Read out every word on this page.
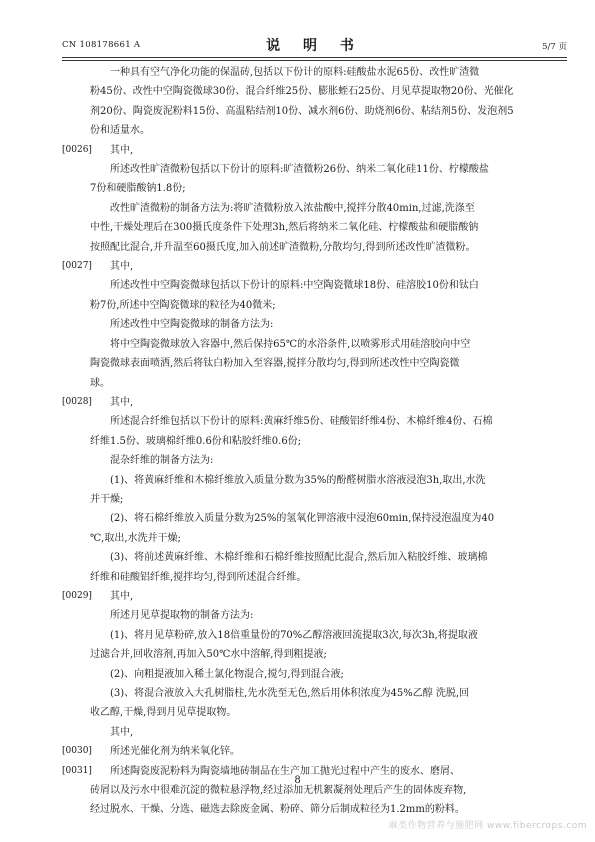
CN 108178661 A	说 明 书	5/7 页
一种具有空气净化功能的保温砖,包括以下份计的原料:硅酸盐水泥65份、改性旷渣微
粉45份、改性中空陶瓷微球30份、混合纤维25份、膨胀蛭石25份、月见草提取物20份、光催化
剂20份、陶瓷废泥粉料15份、高温粘结剂10份、减水剂6份、助烧剂6份、粘结剂5份、发泡剂5
份和适量水。
[0026] 其中,
所述改性旷渣微粉包括以下份计的原料:旷渣微粉26份、纳米二氧化硅11份、柠檬酸盐
7份和硬脂酸钠1.8份;
改性旷渣微粉的制备方法为:将旷渣微粉放入浓盐酸中,搅拌分散40min,过滤,洗涤至
中性,干燥处理后在300摄氏度条件下处理3h,然后将纳米二氧化硅、柠檬酸盐和硬脂酸钠
按照配比混合,并升温至60摄氏度,加入前述旷渣微粉,分散均匀,得到所述改性旷渣微粉。
[0027] 其中,
所述改性中空陶瓷微球包括以下份计的原料:中空陶瓷微球18份、硅溶胶10份和钛白
粉7份,所述中空陶瓷微球的粒径为40微米;
所述改性中空陶瓷微球的制备方法为:
将中空陶瓷微球放入容器中,然后保持65℃的水浴条件,以喷雾形式用硅溶胶向中空
陶瓷微球表面喷洒,然后将钛白粉加入至容器,搅拌分散均匀,得到所述改性中空陶瓷微
球。
[0028] 其中,
所述混合纤维包括以下份计的原料:黄麻纤维5份、硅酸铝纤维4份、木棉纤维4份、石棉
纤维1.5份、玻璃棉纤维0.6份和粘胶纤维0.6份;
混杂纤维的制备方法为:
(1)、将黄麻纤维和木棉纤维放入质量分数为35%的酚醛树脂水溶液浸泡3h,取出,水洗
并干燥;
(2)、将石棉纤维放入质量分数为25%的氢氧化钾溶液中浸泡60min,保持浸泡温度为40
℃,取出,水洗并干燥;
(3)、将前述黄麻纤维、木棉纤维和石棉纤维按照配比混合,然后加入粘胶纤维、玻璃棉
纤维和硅酸铝纤维,搅拌均匀,得到所述混合纤维。
[0029] 其中,
所述月见草提取物的制备方法为:
(1)、将月见草粉碎,放入18倍重量份的70%乙醇溶液回流提取3次,每次3h,将提取液
过滤合并,回收溶剂,再加入50℃水中溶解,得到粗提液;
(2)、向粗提液加入稀土氯化物混合,搅匀,得到混合液;
(3)、将混合液放入大孔树脂柱,先水洗至无色,然后用体积浓度为45%乙醇 洗脱,回
收乙醇,干燥,得到月见草提取物。
其中,
[0030] 所述光催化剂为纳米氧化锌。
[0031] 所述陶瓷废泥粉料为陶瓷墙地砖制品在生产加工抛光过程中产生的废水、磨屑、
砖屑以及污水中很难沉淀的微粒悬浮物,经过添加无机絮凝剂处理后产生的固体废弃物,
经过脱水、干燥、分选、磁选去除废金属、粉碎、筛分后制成粒径为1.2mm的粉料。
8
麻类作物营养与施肥网 www.fibercrops.com
